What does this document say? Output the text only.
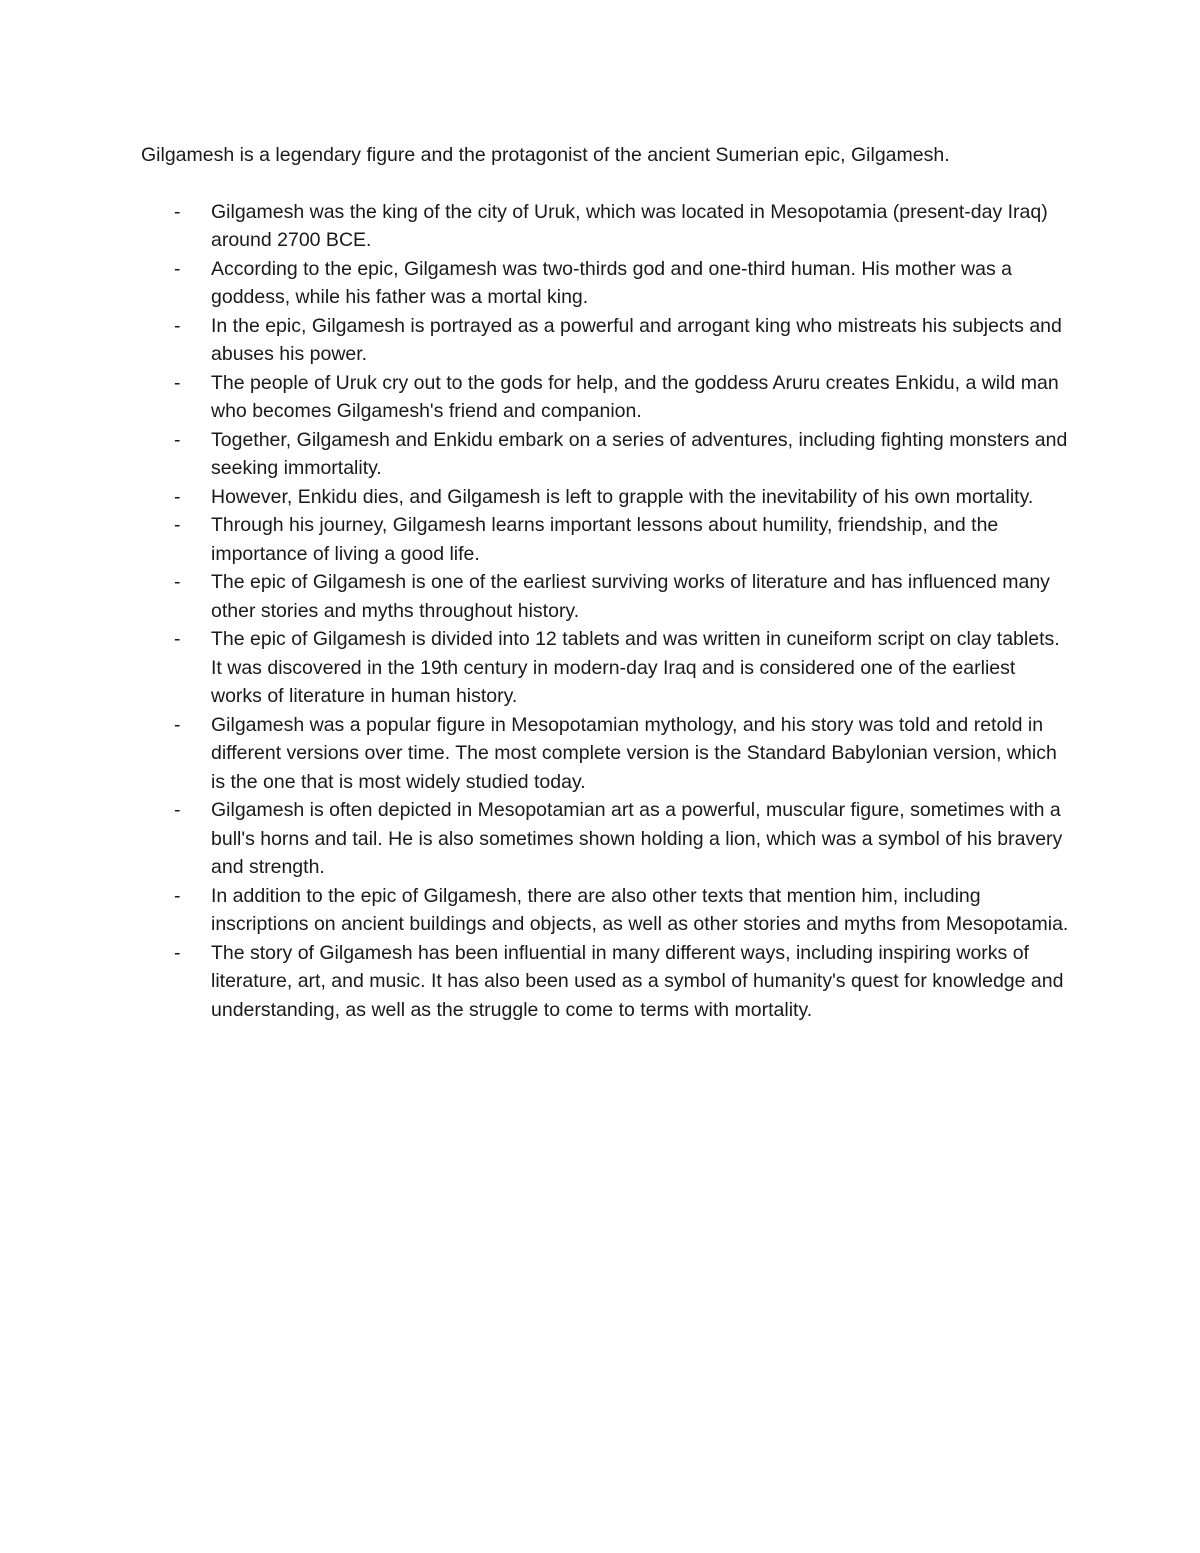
Gilgamesh is a legendary figure and the protagonist of the ancient Sumerian epic, Gilgamesh.

- Gilgamesh was the king of the city of Uruk, which was located in Mesopotamia (present-day Iraq) around 2700 BCE.
- According to the epic, Gilgamesh was two-thirds god and one-third human. His mother was a goddess, while his father was a mortal king.
- In the epic, Gilgamesh is portrayed as a powerful and arrogant king who mistreats his subjects and abuses his power.
- The people of Uruk cry out to the gods for help, and the goddess Aruru creates Enkidu, a wild man who becomes Gilgamesh's friend and companion.
- Together, Gilgamesh and Enkidu embark on a series of adventures, including fighting monsters and seeking immortality.
- However, Enkidu dies, and Gilgamesh is left to grapple with the inevitability of his own mortality.
- Through his journey, Gilgamesh learns important lessons about humility, friendship, and the importance of living a good life.
- The epic of Gilgamesh is one of the earliest surviving works of literature and has influenced many other stories and myths throughout history.
- The epic of Gilgamesh is divided into 12 tablets and was written in cuneiform script on clay tablets. It was discovered in the 19th century in modern-day Iraq and is considered one of the earliest works of literature in human history.
- Gilgamesh was a popular figure in Mesopotamian mythology, and his story was told and retold in different versions over time. The most complete version is the Standard Babylonian version, which is the one that is most widely studied today.
- Gilgamesh is often depicted in Mesopotamian art as a powerful, muscular figure, sometimes with a bull's horns and tail. He is also sometimes shown holding a lion, which was a symbol of his bravery and strength.
- In addition to the epic of Gilgamesh, there are also other texts that mention him, including inscriptions on ancient buildings and objects, as well as other stories and myths from Mesopotamia.
- The story of Gilgamesh has been influential in many different ways, including inspiring works of literature, art, and music. It has also been used as a symbol of humanity's quest for knowledge and understanding, as well as the struggle to come to terms with mortality.
